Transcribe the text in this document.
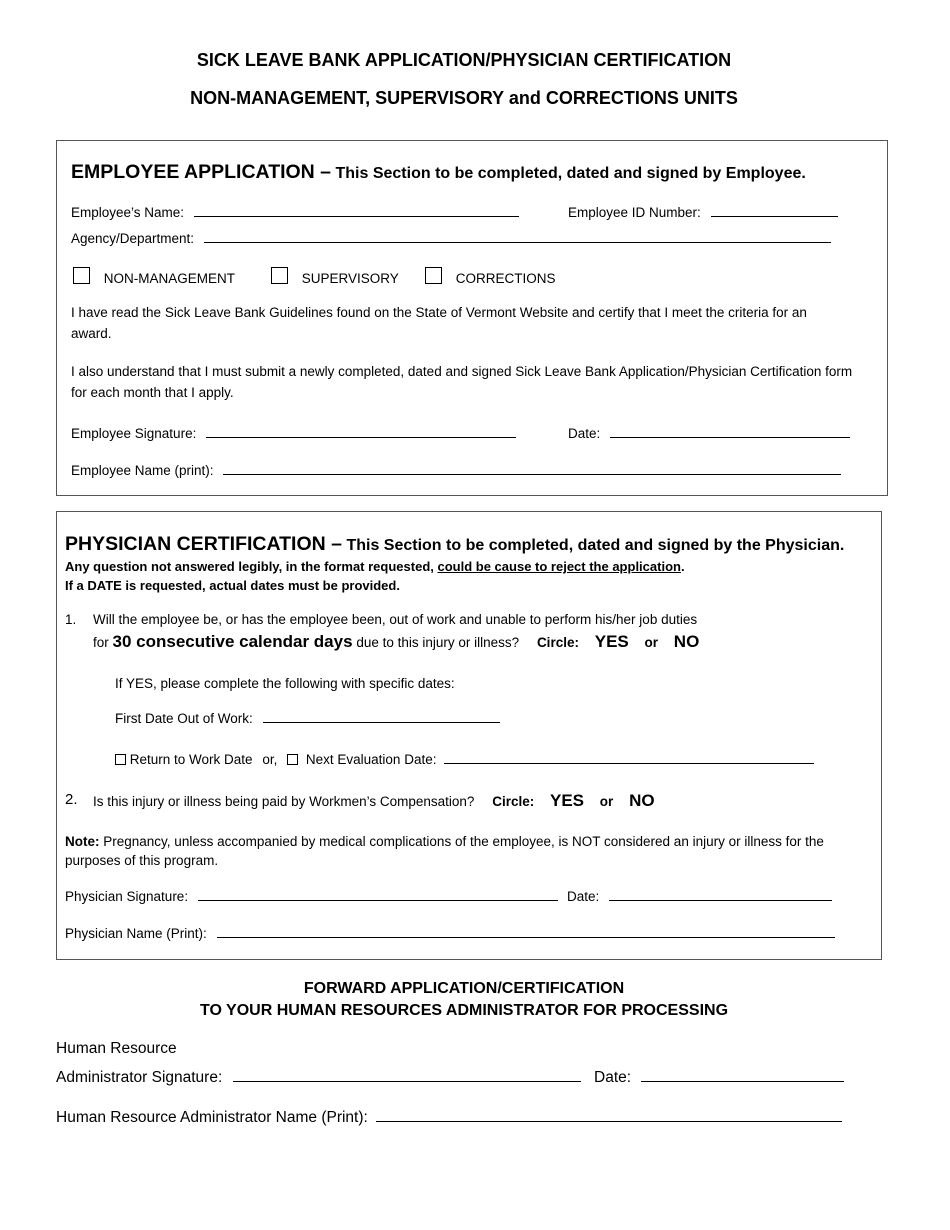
SICK LEAVE BANK APPLICATION/PHYSICIAN CERTIFICATION
NON-MANAGEMENT, SUPERVISORY and CORRECTIONS UNITS
EMPLOYEE APPLICATION – This Section to be completed, dated and signed by Employee.
Employee’s Name:	Employee ID Number:
Agency/Department:
NON-MANAGEMENT	SUPERVISORY	CORRECTIONS
I have read the Sick Leave Bank Guidelines found on the State of Vermont Website and certify that I meet the criteria for an award.
I also understand that I must submit a newly completed, dated and signed Sick Leave Bank Application/Physician Certification form for each month that I apply.
Employee Signature:	Date:
Employee Name (print):
PHYSICIAN CERTIFICATION – This Section to be completed, dated and signed by the Physician.
Any question not answered legibly, in the format requested, could be cause to reject the application.
If a DATE is requested, actual dates must be provided.
1. Will the employee be, or has the employee been, out of work and unable to perform his/her job duties
for 30 consecutive calendar days due to this injury or illness? Circle: YES or NO
If YES, please complete the following with specific dates:
First Date Out of Work:
Return to Work Date or, Next Evaluation Date:
2. Is this injury or illness being paid by Workmen’s Compensation? Circle: YES or NO
Note: Pregnancy, unless accompanied by medical complications of the employee, is NOT considered an injury or illness for the purposes of this program.
Physician Signature:	Date:
Physician Name (Print):
FORWARD APPLICATION/CERTIFICATION
TO YOUR HUMAN RESOURCES ADMINISTRATOR FOR PROCESSING
Human Resource
Administrator Signature:	Date:
Human Resource Administrator Name (Print):
